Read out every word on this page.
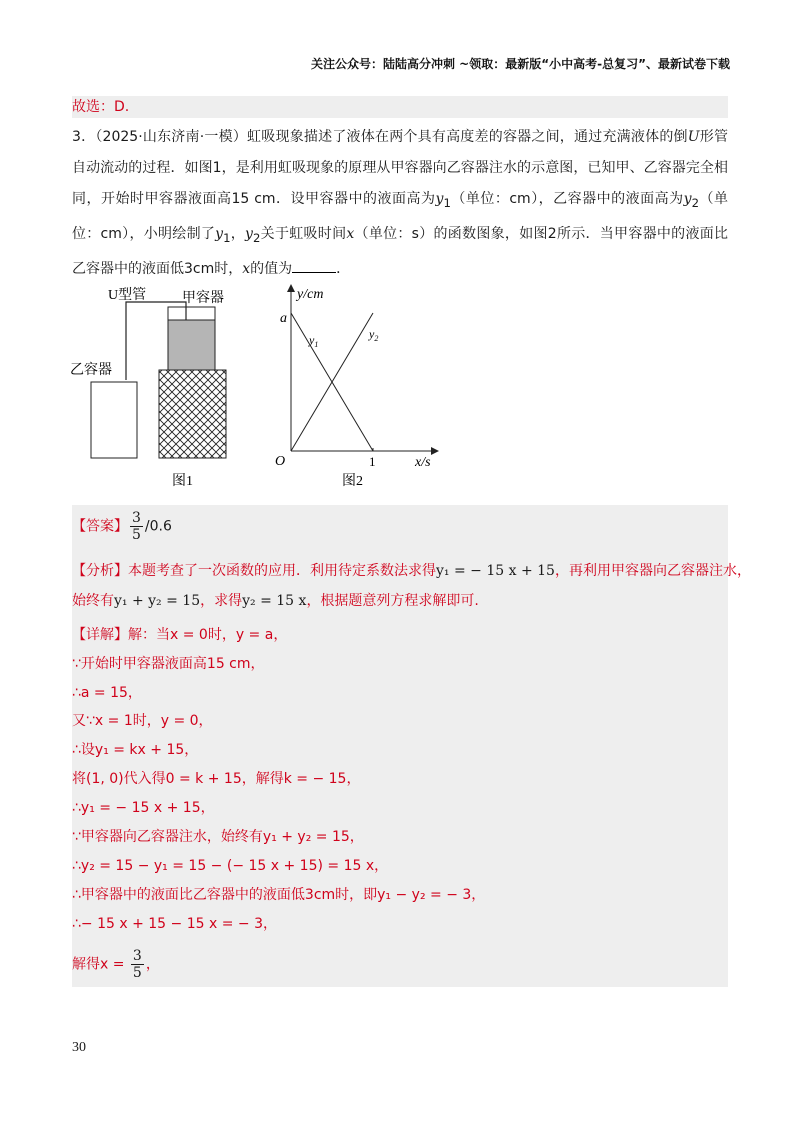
关注公众号：陆陆高分冲刺 ~领取：最新版“小中高考-总复习”、最新试卷下载
故选：D.
3．（2025·山东济南·一模）虹吸现象描述了液体在两个具有高度差的容器之间，通过充满液体的倒U形管自动流动的过程．如图1，是利用虹吸现象的原理从甲容器向乙容器注水的示意图，已知甲、乙容器完全相同，开始时甲容器液面高15 cm．设甲容器中的液面高为$y_1$（单位：cm），乙容器中的液面高为$y_2$（单位：cm），小明绘制了$y_1$，$y_2$关于虹吸时间x（单位：s）的函数图象，如图2所示．当甲容器中的液面比乙容器中的液面低3cm时，x的值为	．
U型管	甲容器
乙容器
图1
y/cm
x/s
O
a
1
$y_1$
$y_2$
图2
【答案】 $\frac{3}{5} /0.6$
【分析】本题考查了一次函数的应用．利用待定系数法求得y₁ = − 15 x + 15，再利用甲容器向乙容器注水，
始终有y₁ + y₂ = 15，求得y₂ = 15 x，根据题意列方程求解即可.
【详解】解：当x = 0时，y = a，
∵开始时甲容器液面高15 cm，
∴a = 15，
又∵x = 1时，y = 0，
∴设y₁ = kx + 15，
将(1, 0)代入得0 = k + 15，解得k = − 15，
∴y₁ = − 15 x + 15，
∵甲容器向乙容器注水，始终有y₁ + y₂ = 15，
∴y₂ = 15 − y₁ = 15 − (− 15 x + 15) = 15 x，
∴甲容器中的液面比乙容器中的液面低3cm时，即y₁ − y₂ = − 3，
∴− 15 x + 15 − 15 x = − 3，
解得$x = \frac{3}{5}$ ，
30
